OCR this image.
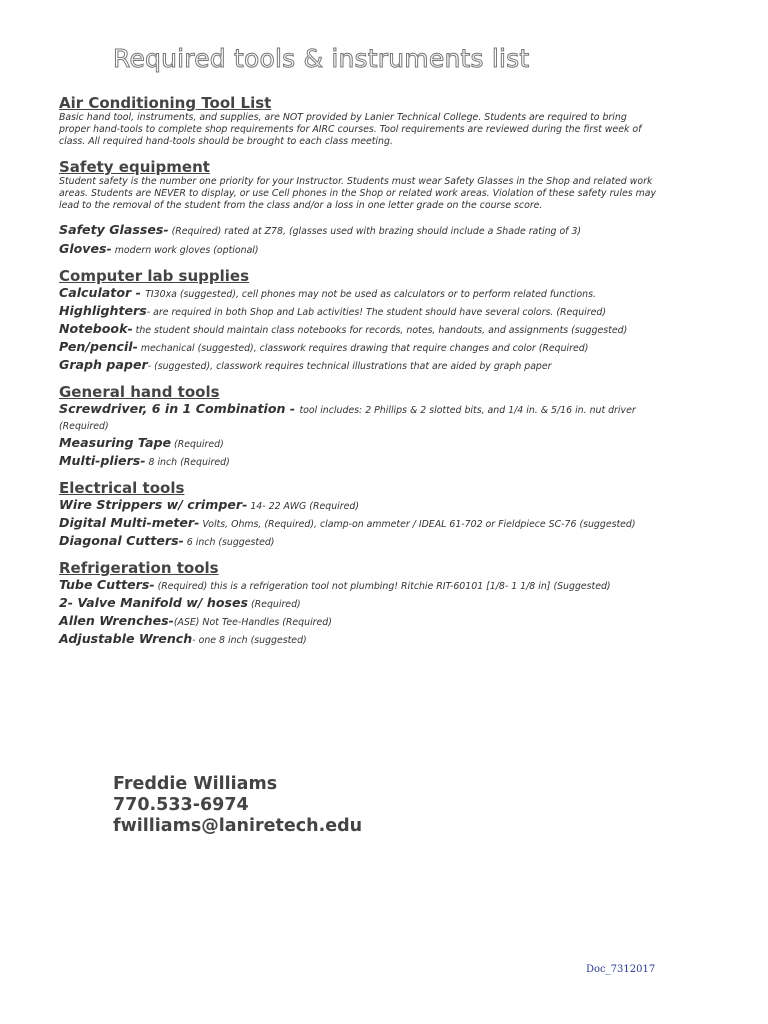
Required tools & instruments list
Air Conditioning Tool List

Basic hand tool, instruments, and supplies, are NOT provided by Lanier Technical College. Students are required to bring proper hand-tools to complete shop requirements for AIRC courses. Tool requirements are reviewed during the first week of class. All required hand-tools should be brought to each class meeting.

Safety equipment

Student safety is the number one priority for your Instructor. Students must wear Safety Glasses in the Shop and related work areas. Students are NEVER to display, or use Cell phones in the Shop or related work areas. Violation of these safety rules may lead to the removal of the student from the class and/or a loss in one letter grade on the course score.

Safety Glasses- (Required) rated at Z78, (glasses used with brazing should include a Shade rating of 3)

Gloves- modern work gloves (optional)

Computer lab supplies

Calculator - TI30xa (suggested), cell phones may not be used as calculators or to perform related functions.

Highlighters- are required in both Shop and Lab activities! The student should have several colors. (Required)

Notebook- the student should maintain class notebooks for records, notes, handouts, and assignments (suggested)

Pen/pencil- mechanical (suggested), classwork requires drawing that require changes and color (Required)

Graph paper- (suggested), classwork requires technical illustrations that are aided by graph paper

General hand tools

Screwdriver, 6 in 1 Combination - tool includes: 2 Phillips & 2 slotted bits, and 1/4 in. & 5/16 in. nut driver (Required)

Measuring Tape (Required)

Multi-pliers- 8 inch (Required)

Electrical tools

Wire Strippers w/ crimper- 14- 22 AWG (Required)

Digital Multi-meter- Volts, Ohms, (Required), clamp-on ammeter / IDEAL 61-702 or Fieldpiece SC-76 (suggested)

Diagonal Cutters- 6 inch (suggested)

Refrigeration tools

Tube Cutters- (Required) this is a refrigeration tool not plumbing! Ritchie RIT-60101 [1/8- 1 1/8 in] (Suggested)

2- Valve Manifold w/ hoses (Required)

Allen Wrenches-(ASE) Not Tee-Handles (Required)

Adjustable Wrench- one 8 inch (suggested)

Freddie Williams

770.533-6974

fwilliams@laniretech.edu

Doc_7312017
